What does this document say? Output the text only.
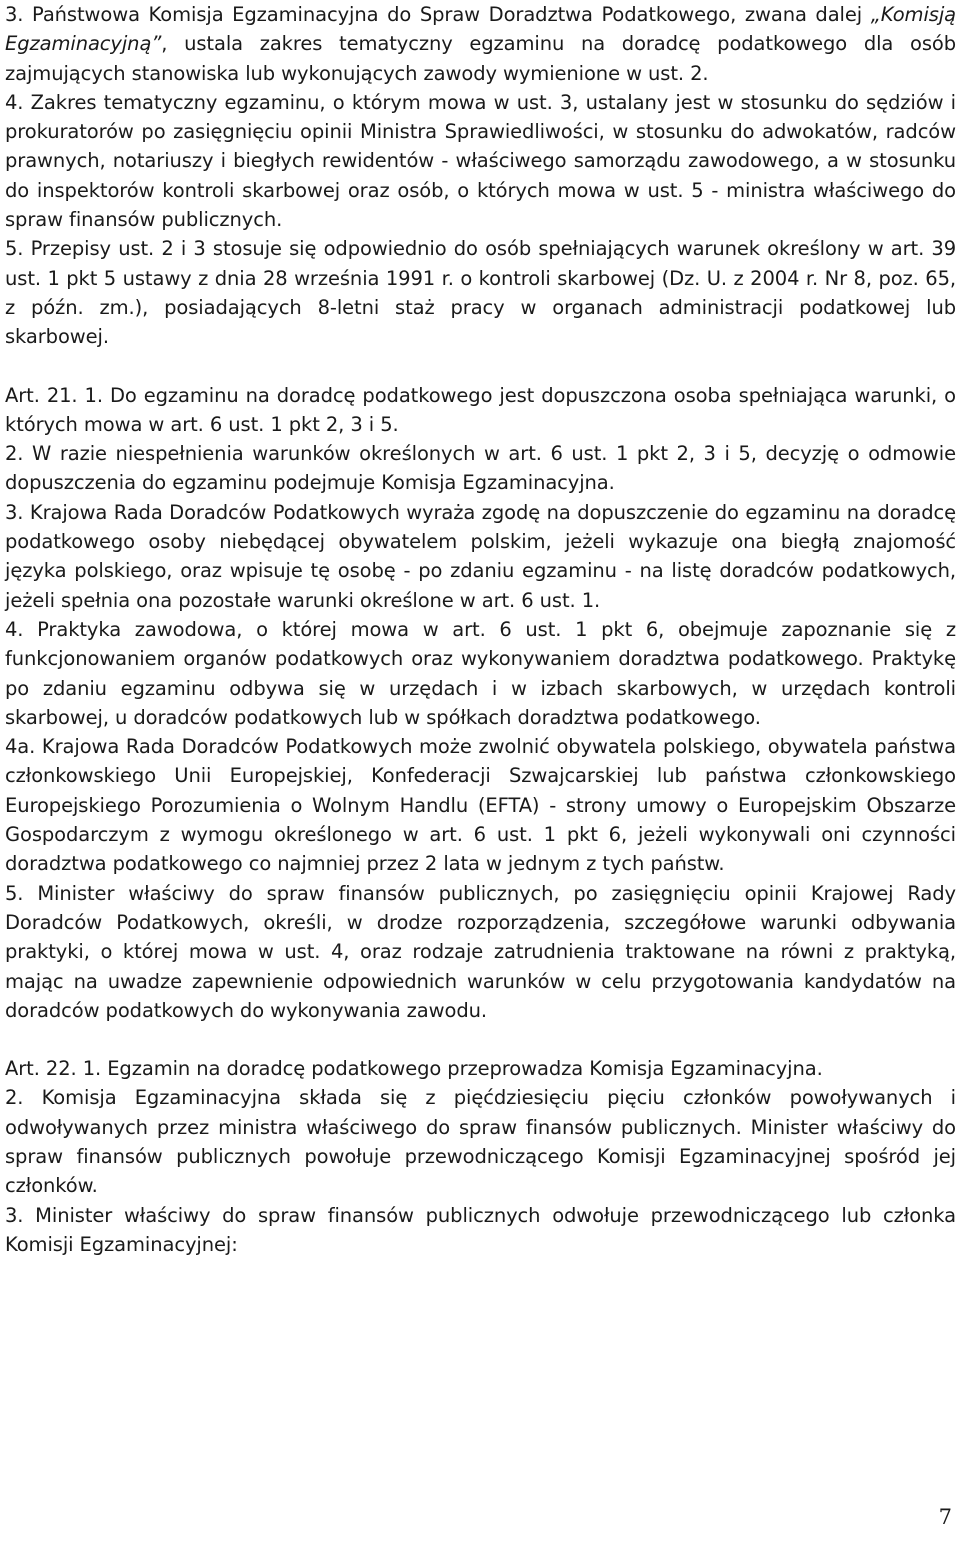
3. Państwowa Komisja Egzaminacyjna do Spraw Doradztwa Podatkowego, zwana dalej „Komisją Egzaminacyjną”, ustala zakres tematyczny egzaminu na doradcę podatkowego dla osób zajmujących stanowiska lub wykonujących zawody wymienione w ust. 2.

4. Zakres tematyczny egzaminu, o którym mowa w ust. 3, ustalany jest w stosunku do sędziów i prokuratorów po zasięgnięciu opinii Ministra Sprawiedliwości, w stosunku do adwokatów, radców prawnych, notariuszy i biegłych rewidentów - właściwego samorządu zawodowego, a w stosunku do inspektorów kontroli skarbowej oraz osób, o których mowa w ust. 5 - ministra właściwego do spraw finansów publicznych.

5. Przepisy ust. 2 i 3 stosuje się odpowiednio do osób spełniających warunek określony w art. 39 ust. 1 pkt 5 ustawy z dnia 28 września 1991 r. o kontroli skarbowej (Dz. U. z 2004 r. Nr 8, poz. 65, z późn. zm.), posiadających 8-letni staż pracy w organach administracji podatkowej lub skarbowej.

Art. 21. 1. Do egzaminu na doradcę podatkowego jest dopuszczona osoba spełniająca warunki, o których mowa w art. 6 ust. 1 pkt 2, 3 i 5.

2. W razie niespełnienia warunków określonych w art. 6 ust. 1 pkt 2, 3 i 5, decyzję o odmowie dopuszczenia do egzaminu podejmuje Komisja Egzaminacyjna.

3. Krajowa Rada Doradców Podatkowych wyraża zgodę na dopuszczenie do egzaminu na doradcę podatkowego osoby niebędącej obywatelem polskim, jeżeli wykazuje ona biegłą znajomość języka polskiego, oraz wpisuje tę osobę - po zdaniu egzaminu - na listę doradców podatkowych, jeżeli spełnia ona pozostałe warunki określone w art. 6 ust. 1.

4. Praktyka zawodowa, o której mowa w art. 6 ust. 1 pkt 6, obejmuje zapoznanie się z funkcjonowaniem organów podatkowych oraz wykonywaniem doradztwa podatkowego. Praktykę po zdaniu egzaminu odbywa się w urzędach i w izbach skarbowych, w urzędach kontroli skarbowej, u doradców podatkowych lub w spółkach doradztwa podatkowego.

4a. Krajowa Rada Doradców Podatkowych może zwolnić obywatela polskiego, obywatela państwa członkowskiego Unii Europejskiej, Konfederacji Szwajcarskiej lub państwa członkowskiego Europejskiego Porozumienia o Wolnym Handlu (EFTA) - strony umowy o Europejskim Obszarze Gospodarczym z wymogu określonego w art. 6 ust. 1 pkt 6, jeżeli wykonywali oni czynności doradztwa podatkowego co najmniej przez 2 lata w jednym z tych państw.

5. Minister właściwy do spraw finansów publicznych, po zasięgnięciu opinii Krajowej Rady Doradców Podatkowych, określi, w drodze rozporządzenia, szczegółowe warunki odbywania praktyki, o której mowa w ust. 4, oraz rodzaje zatrudnienia traktowane na równi z praktyką, mając na uwadze zapewnienie odpowiednich warunków w celu przygotowania kandydatów na doradców podatkowych do wykonywania zawodu.

Art. 22. 1. Egzamin na doradcę podatkowego przeprowadza Komisja Egzaminacyjna.

2. Komisja Egzaminacyjna składa się z pięćdziesięciu pięciu członków powoływanych i odwoływanych przez ministra właściwego do spraw finansów publicznych. Minister właściwy do spraw finansów publicznych powołuje przewodniczącego Komisji Egzaminacyjnej spośród jej członków.

3. Minister właściwy do spraw finansów publicznych odwołuje przewodniczącego lub członka Komisji Egzaminacyjnej:

7
